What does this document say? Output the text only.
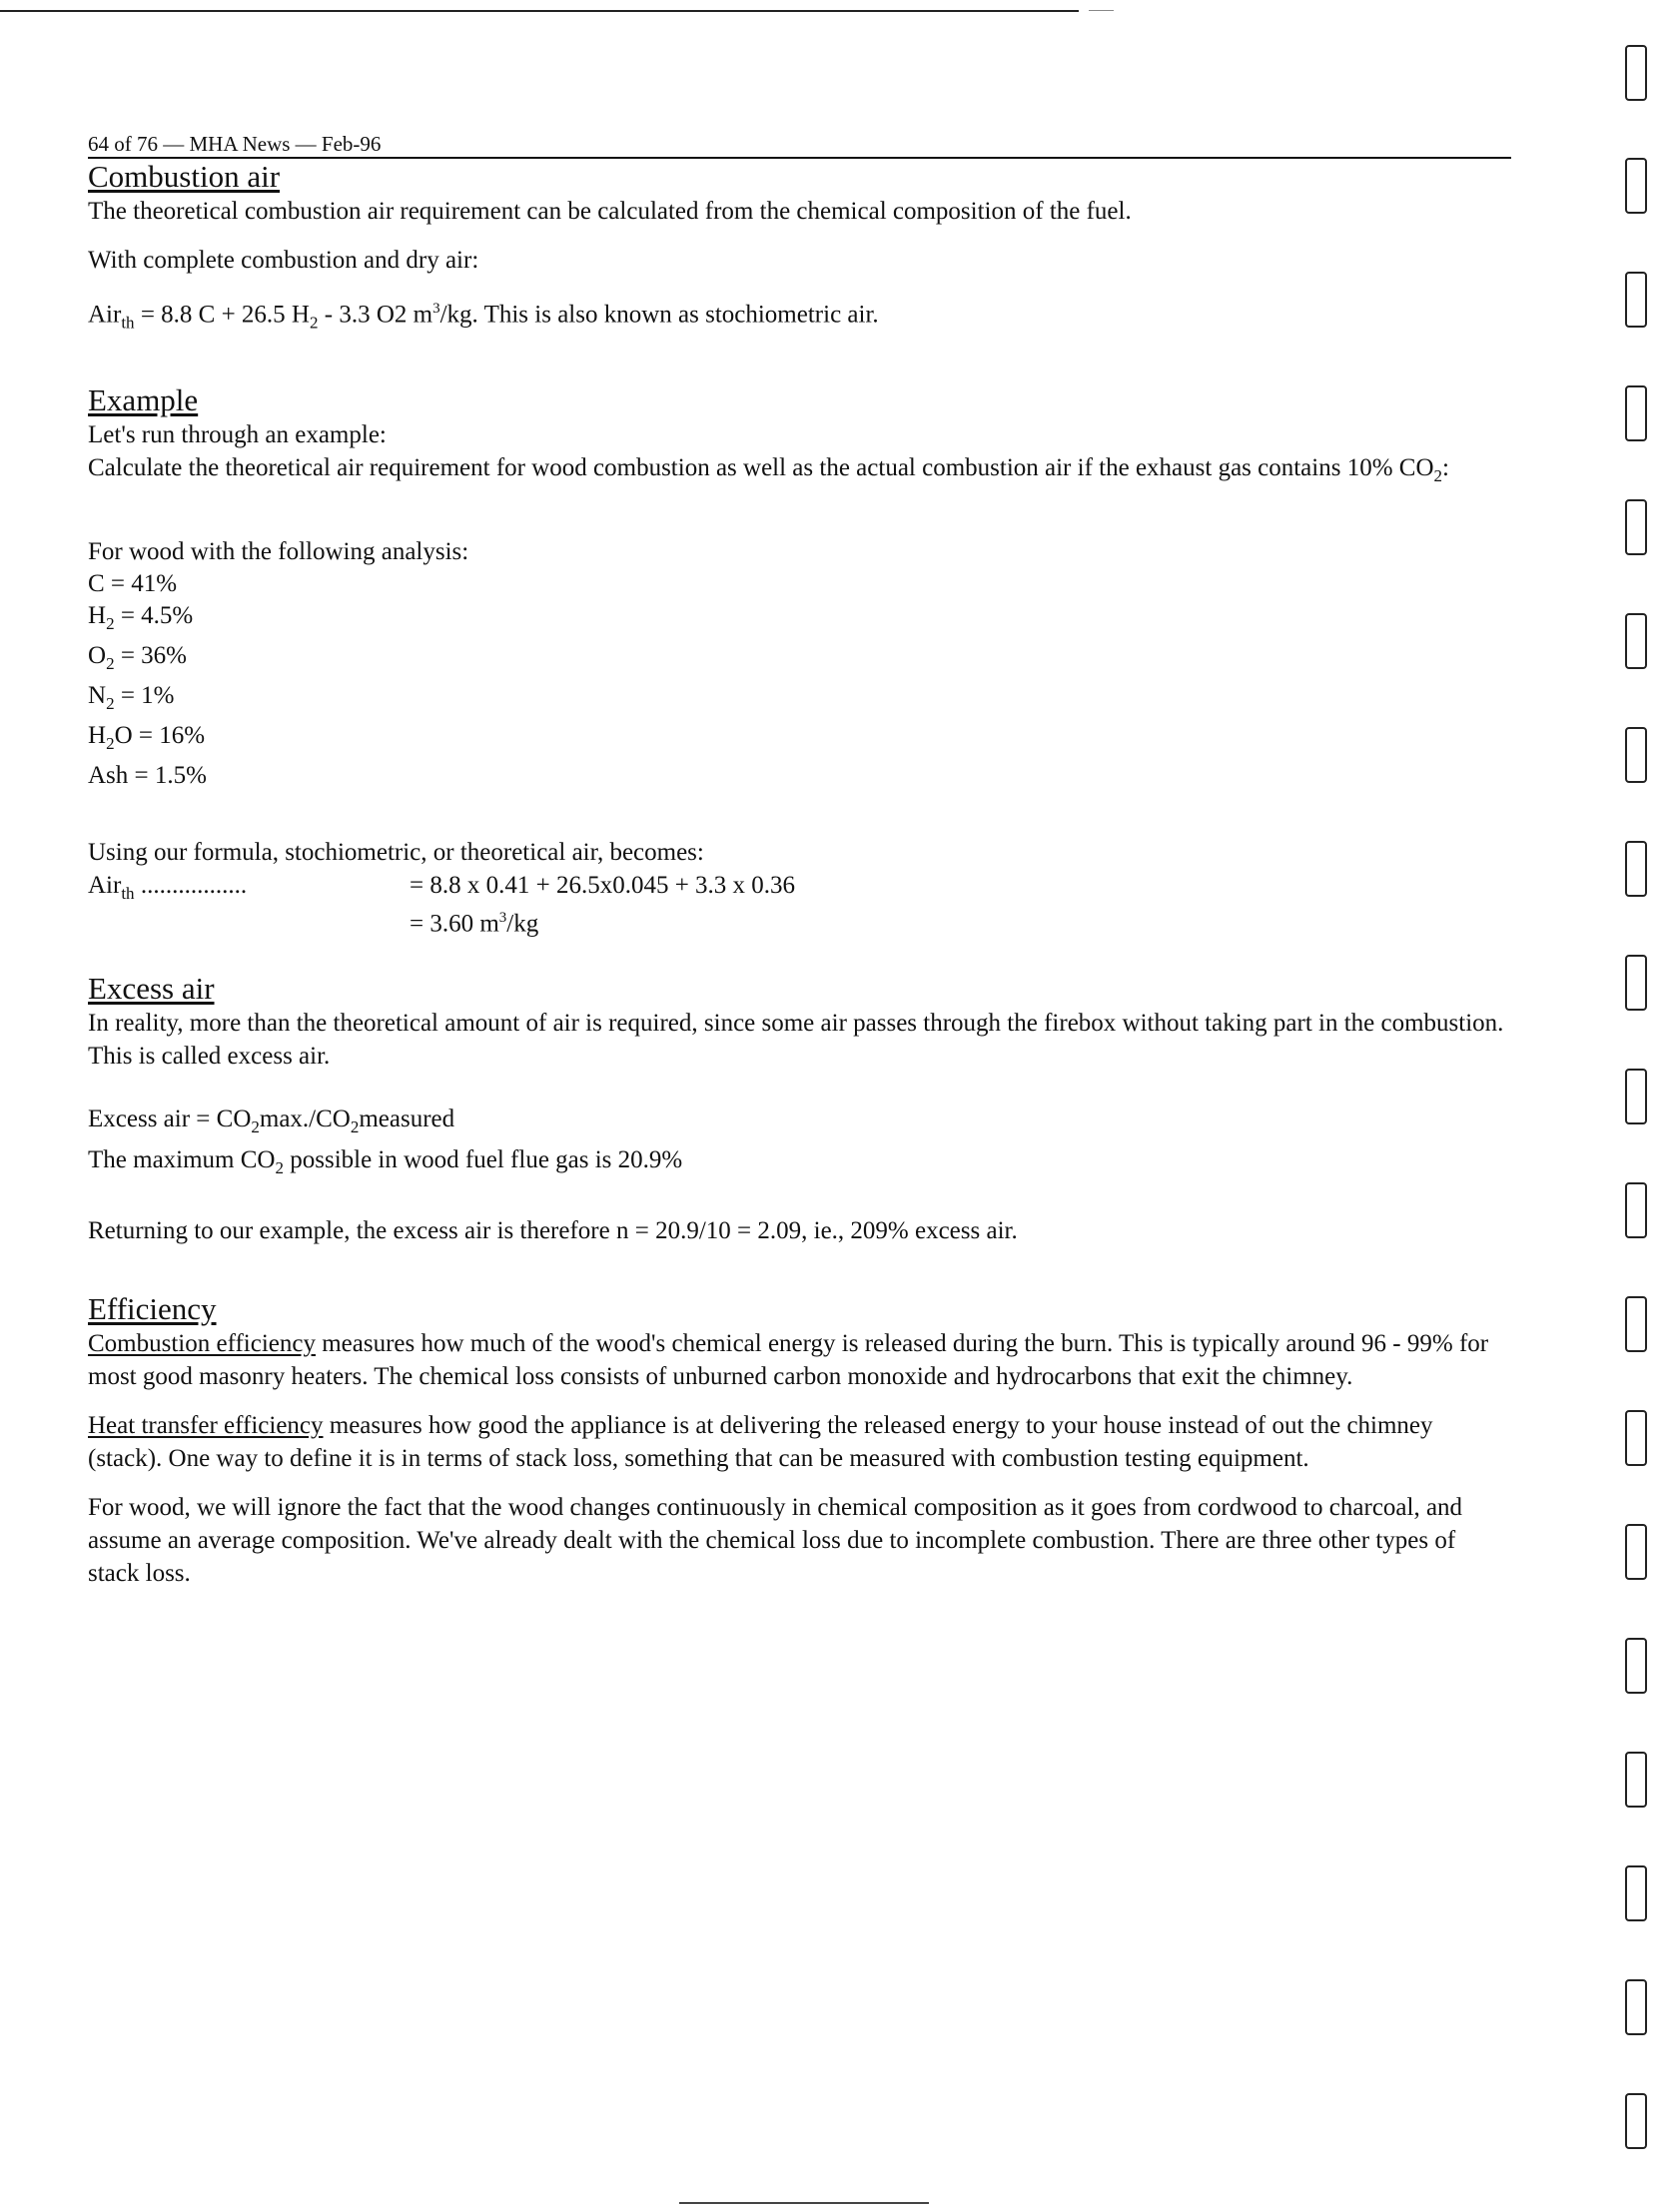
64 of 76 — MHA News — Feb-96
Combustion air

The theoretical combustion air requirement can be calculated from the chemical composition of the fuel.

With complete combustion and dry air:

Air$_{th}$ = 8.8 C + 26.5 $H_2 - 3.3$ O2 $m^3/kg$. This is also known as stochiometric air.

Example

Let's run through an example:

Calculate the theoretical air requirement for wood combustion as well as the actual combustion air if the exhaust gas contains 10% $CO_2$:

For wood with the following analysis:

C = 41%

$H_2 = 4.5\%$

$O_2 = 36\%$

$N_2 = 1\%$

$H_2O = 16\%$

Ash = 1.5%

Using our formula, stochiometric, or theoretical air, becomes:

Air$_{th}$ .................	= 8.8 x 0.41 + 26.5x0.045 + 3.3 x 0.36
= 3.60 $m^3/kg$
Excess air

In reality, more than the theoretical amount of air is required, since some air passes through the firebox without taking part in the combustion. This is called excess air.

Excess air = $CO_2\max./CO_2measured$

The maximum $CO_2$ possible in wood fuel flue gas is 20.9%

Returning to our example, the excess air is therefore n = 20.9/10 = 2.09, ie., 209% excess air.

Efficiency

Combustion efficiency measures how much of the wood's chemical energy is released during the burn. This is typically around 96 - 99% for most good masonry heaters. The chemical loss consists of unburned carbon monoxide and hydrocarbons that exit the chimney.

Heat transfer efficiency measures how good the appliance is at delivering the released energy to your house instead of out the chimney (stack). One way to define it is in terms of stack loss, something that can be measured with combustion testing equipment.

For wood, we will ignore the fact that the wood changes continuously in chemical composition as it goes from cordwood to charcoal, and assume an average composition. We've already dealt with the chemical loss due to incomplete combustion. There are three other types of stack loss.
